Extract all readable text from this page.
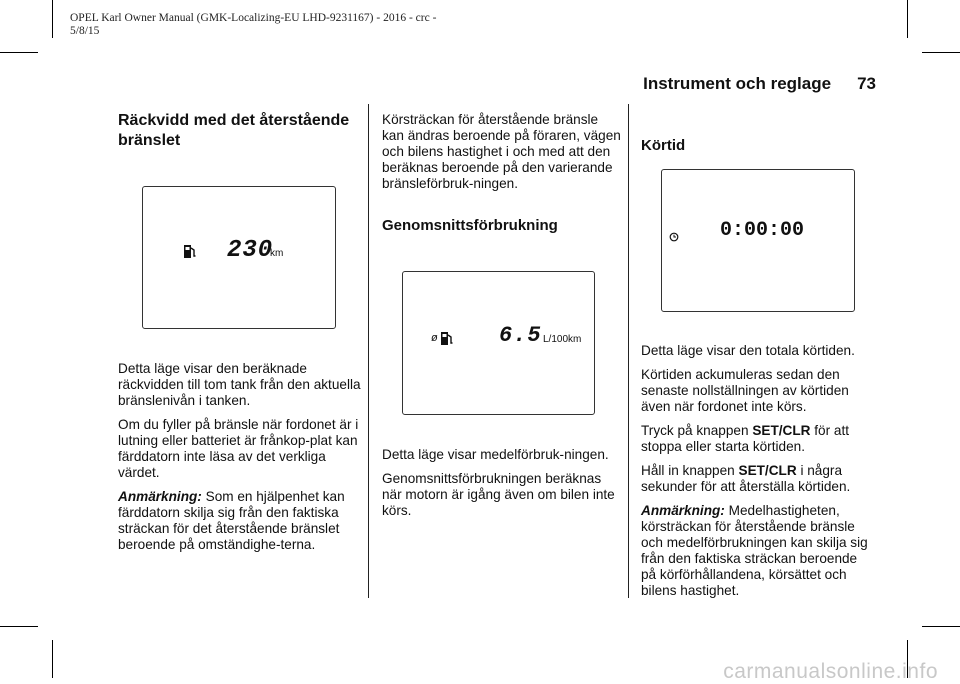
OPEL Karl Owner Manual (GMK-Localizing-EU LHD-9231167) - 2016 - crc -
5/8/15
Instrument och reglage 73
Räckvidd med det återstående bränslet
230
km

Detta läge visar den beräknade räckvidden till tom tank från den aktuella bränslenivån i tanken.

Om du fyller på bränsle när fordonet är i lutning eller batteriet är frånkop-plat kan färddatorn inte läsa av det verkliga värdet.

Anmärkning: Som en hjälpenhet kan färddatorn skilja sig från den faktiska sträckan för det återstående bränslet beroende på omständighe-terna.

Körsträckan för återstående bränsle kan ändras beroende på föraren, vägen och bilens hastighet i och med att den beräknas beroende på den varierande bränsleförbruk-ningen.

Genomsnittsförbrukning
ø	6.5 L/100km

Detta läge visar medelförbruk-ningen.

Genomsnittsförbrukningen beräknas när motorn är igång även om bilen inte körs.

Körtid
0:00:00

Detta läge visar den totala körtiden.

Körtiden ackumuleras sedan den senaste nollställningen av körtiden även när fordonet inte körs.

Tryck på knappen SET/CLR för att stoppa eller starta körtiden.

Håll in knappen SET/CLR i några sekunder för att återställa körtiden.

Anmärkning: Medelhastigheten, körsträckan för återstående bränsle och medelförbrukningen kan skilja sig från den faktiska sträckan beroende på körförhållandena, körsättet och bilens hastighet.

carmanualsonline.info
